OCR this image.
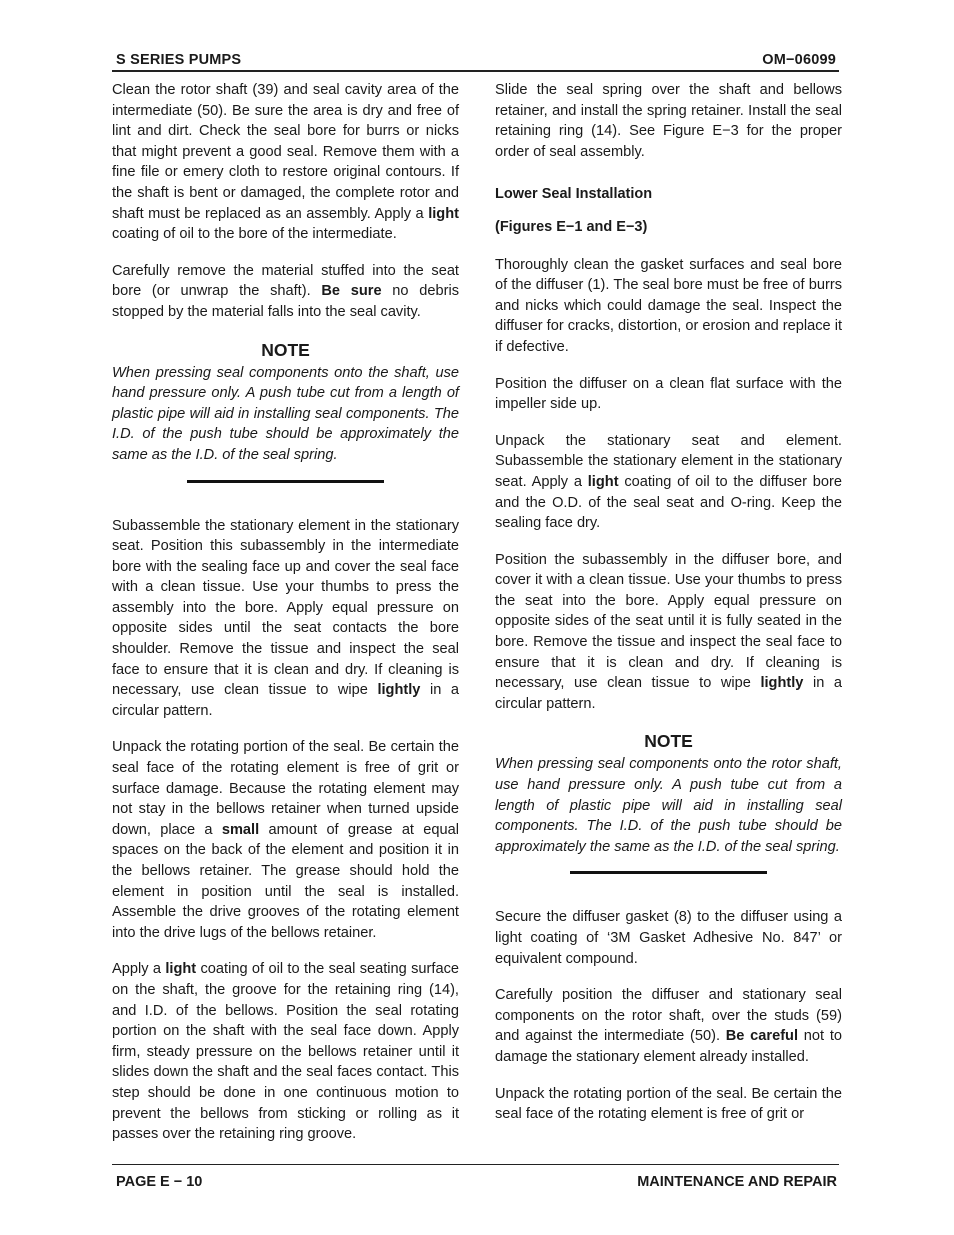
S SERIES PUMPS	OM−06099

Clean the rotor shaft (39) and seal cavity area of the intermediate (50). Be sure the area is dry and free of lint and dirt. Check the seal bore for burrs or nicks that might prevent a good seal. Remove them with a fine file or emery cloth to restore original contours. If the shaft is bent or damaged, the complete rotor and shaft must be replaced as an assembly. Apply a light coating of oil to the bore of the intermediate.

Carefully remove the material stuffed into the seat bore (or unwrap the shaft). Be sure no debris stopped by the material falls into the seal cavity.

NOTE
When pressing seal components onto the shaft, use hand pressure only. A push tube cut from a length of plastic pipe will aid in installing seal components. The I.D. of the push tube should be approximately the same as the I.D. of the seal spring.

Subassemble the stationary element in the stationary seat. Position this subassembly in the intermediate bore with the sealing face up and cover the seal face with a clean tissue. Use your thumbs to press the assembly into the bore. Apply equal pressure on opposite sides until the seat contacts the bore shoulder. Remove the tissue and inspect the seal face to ensure that it is clean and dry. If cleaning is necessary, use clean tissue to wipe lightly in a circular pattern.

Unpack the rotating portion of the seal. Be certain the seal face of the rotating element is free of grit or surface damage. Because the rotating element may not stay in the bellows retainer when turned upside down, place a small amount of grease at equal spaces on the back of the element and position it in the bellows retainer. The grease should hold the element in position until the seal is installed. Assemble the drive grooves of the rotating element into the drive lugs of the bellows retainer.

Apply a light coating of oil to the seal seating surface on the shaft, the groove for the retaining ring (14), and I.D. of the bellows. Position the seal rotating portion on the shaft with the seal face down. Apply firm, steady pressure on the bellows retainer until it slides down the shaft and the seal faces contact. This step should be done in one continuous motion to prevent the bellows from sticking or rolling as it passes over the retaining ring groove.

Slide the seal spring over the shaft and bellows retainer, and install the spring retainer. Install the seal retaining ring (14). See Figure E−3 for the proper order of seal assembly.

Lower Seal Installation
(Figures E−1 and E−3)

Thoroughly clean the gasket surfaces and seal bore of the diffuser (1). The seal bore must be free of burrs and nicks which could damage the seal. Inspect the diffuser for cracks, distortion, or erosion and replace it if defective.

Position the diffuser on a clean flat surface with the impeller side up.

Unpack the stationary seat and element. Subassemble the stationary element in the stationary seat. Apply a light coating of oil to the diffuser bore and the O.D. of the seal seat and O-ring. Keep the sealing face dry.

Position the subassembly in the diffuser bore, and cover it with a clean tissue. Use your thumbs to press the seat into the bore. Apply equal pressure on opposite sides of the seat until it is fully seated in the bore. Remove the tissue and inspect the seal face to ensure that it is clean and dry. If cleaning is necessary, use clean tissue to wipe lightly in a circular pattern.

NOTE
When pressing seal components onto the rotor shaft, use hand pressure only. A push tube cut from a length of plastic pipe will aid in installing seal components. The I.D. of the push tube should be approximately the same as the I.D. of the seal spring.

Secure the diffuser gasket (8) to the diffuser using a light coating of ‘3M Gasket Adhesive No. 847’ or equivalent compound.

Carefully position the diffuser and stationary seal components on the rotor shaft, over the studs (59) and against the intermediate (50). Be careful not to damage the stationary element already installed.

Unpack the rotating portion of the seal. Be certain the seal face of the rotating element is free of grit or

PAGE E − 10	MAINTENANCE AND REPAIR
